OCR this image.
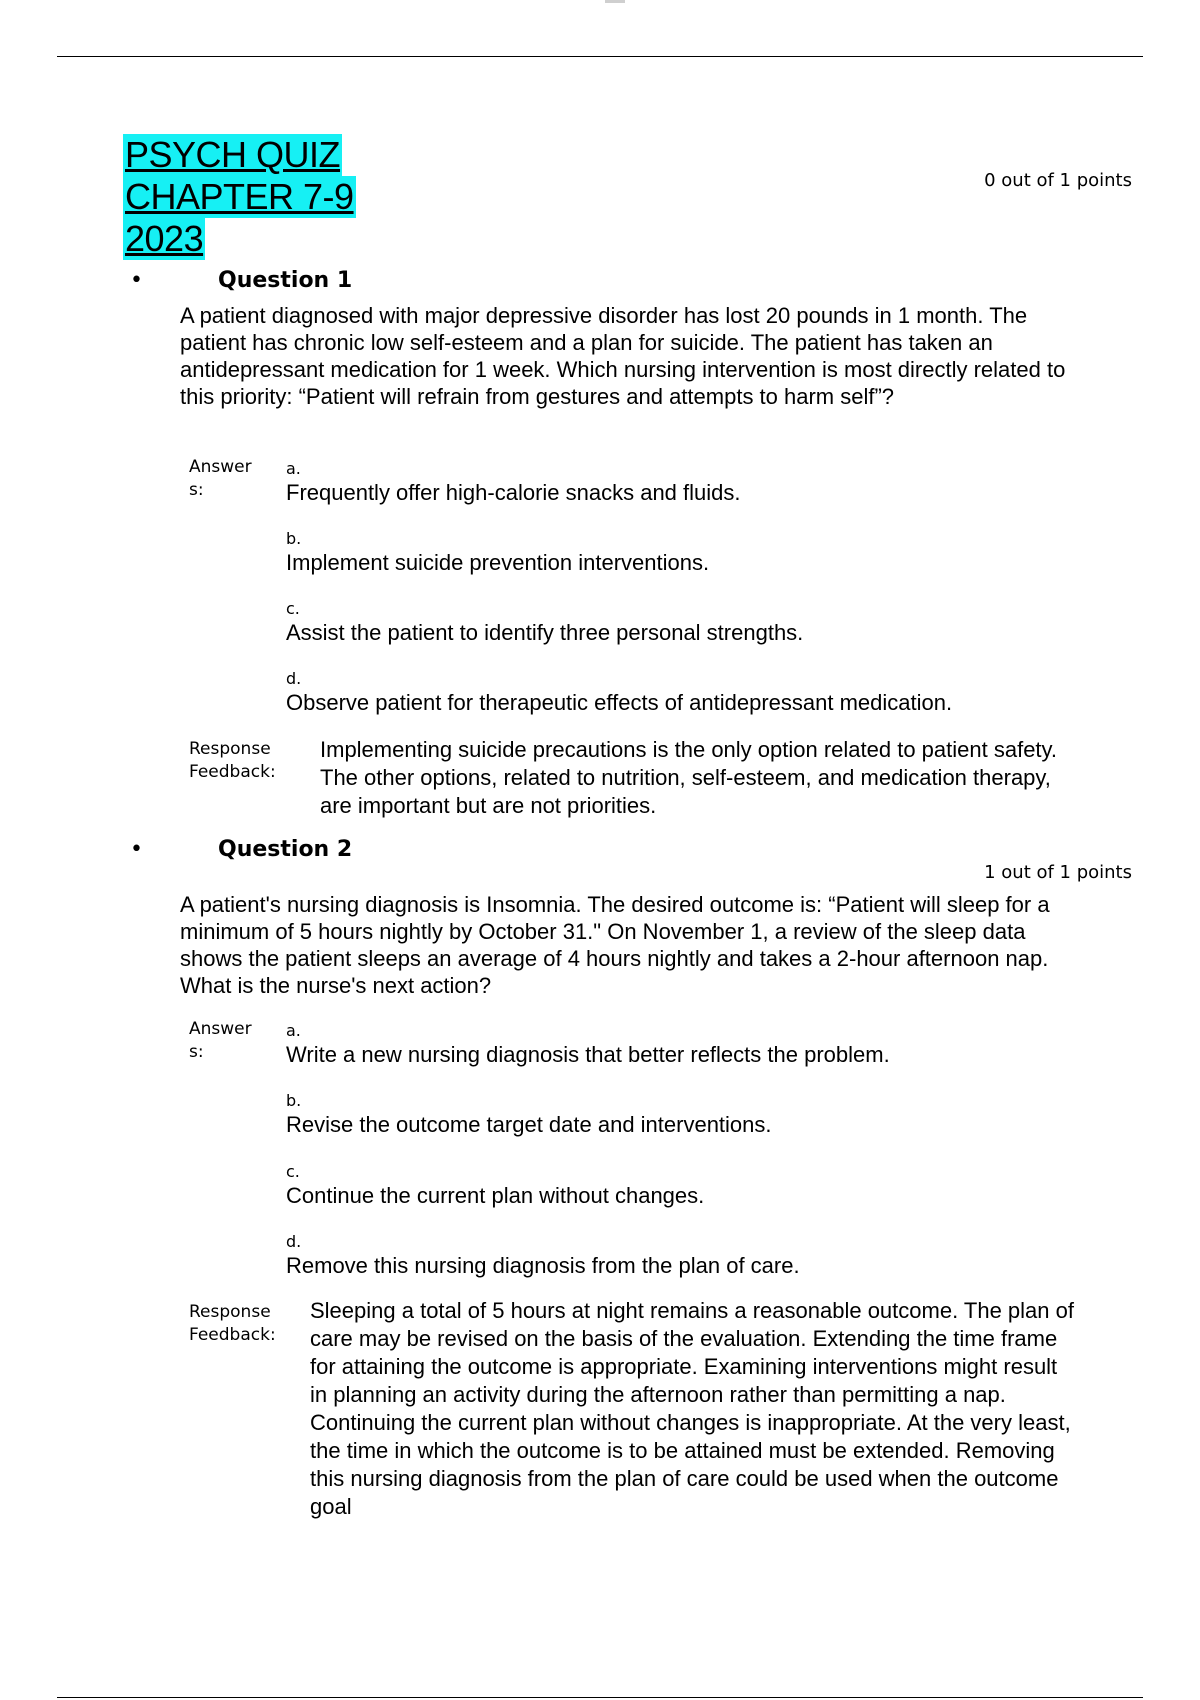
PSYCH QUIZ
CHAPTER 7-9
2023
0 out of 1 points
•	Question 1
A patient diagnosed with major depressive disorder has lost 20 pounds in 1 month. The patient has chronic low self-esteem and a plan for suicide. The patient has taken an antidepressant medication for 1 week. Which nursing intervention is most directly related to this priority: “Patient will refrain from gestures and attempts to harm self”?
Answer
s:
a.
Frequently offer high-calorie snacks and fluids.
b.
Implement suicide prevention interventions.
c.
Assist the patient to identify three personal strengths.
d.
Observe patient for therapeutic effects of antidepressant medication.
Response
Feedback:
Implementing suicide precautions is the only option related to patient safety. The other options, related to nutrition, self-esteem, and medication therapy, are important but are not priorities.
•	Question 2
1 out of 1 points
A patient's nursing diagnosis is Insomnia. The desired outcome is: “Patient will sleep for a minimum of 5 hours nightly by October 31." On November 1, a review of the sleep data shows the patient sleeps an average of 4 hours nightly and takes a 2-hour afternoon nap. What is the nurse's next action?
Answer
s:
a.
Write a new nursing diagnosis that better reflects the problem.
b.
Revise the outcome target date and interventions.
c.
Continue the current plan without changes.
d.
Remove this nursing diagnosis from the plan of care.
Response
Feedback:
Sleeping a total of 5 hours at night remains a reasonable outcome. The plan of care may be revised on the basis of the evaluation. Extending the time frame for attaining the outcome is appropriate. Examining interventions might result in planning an activity during the afternoon rather than permitting a nap. Continuing the current plan without changes is inappropriate. At the very least, the time in which the outcome is to be attained must be extended. Removing this nursing diagnosis from the plan of care could be used when the outcome goal
